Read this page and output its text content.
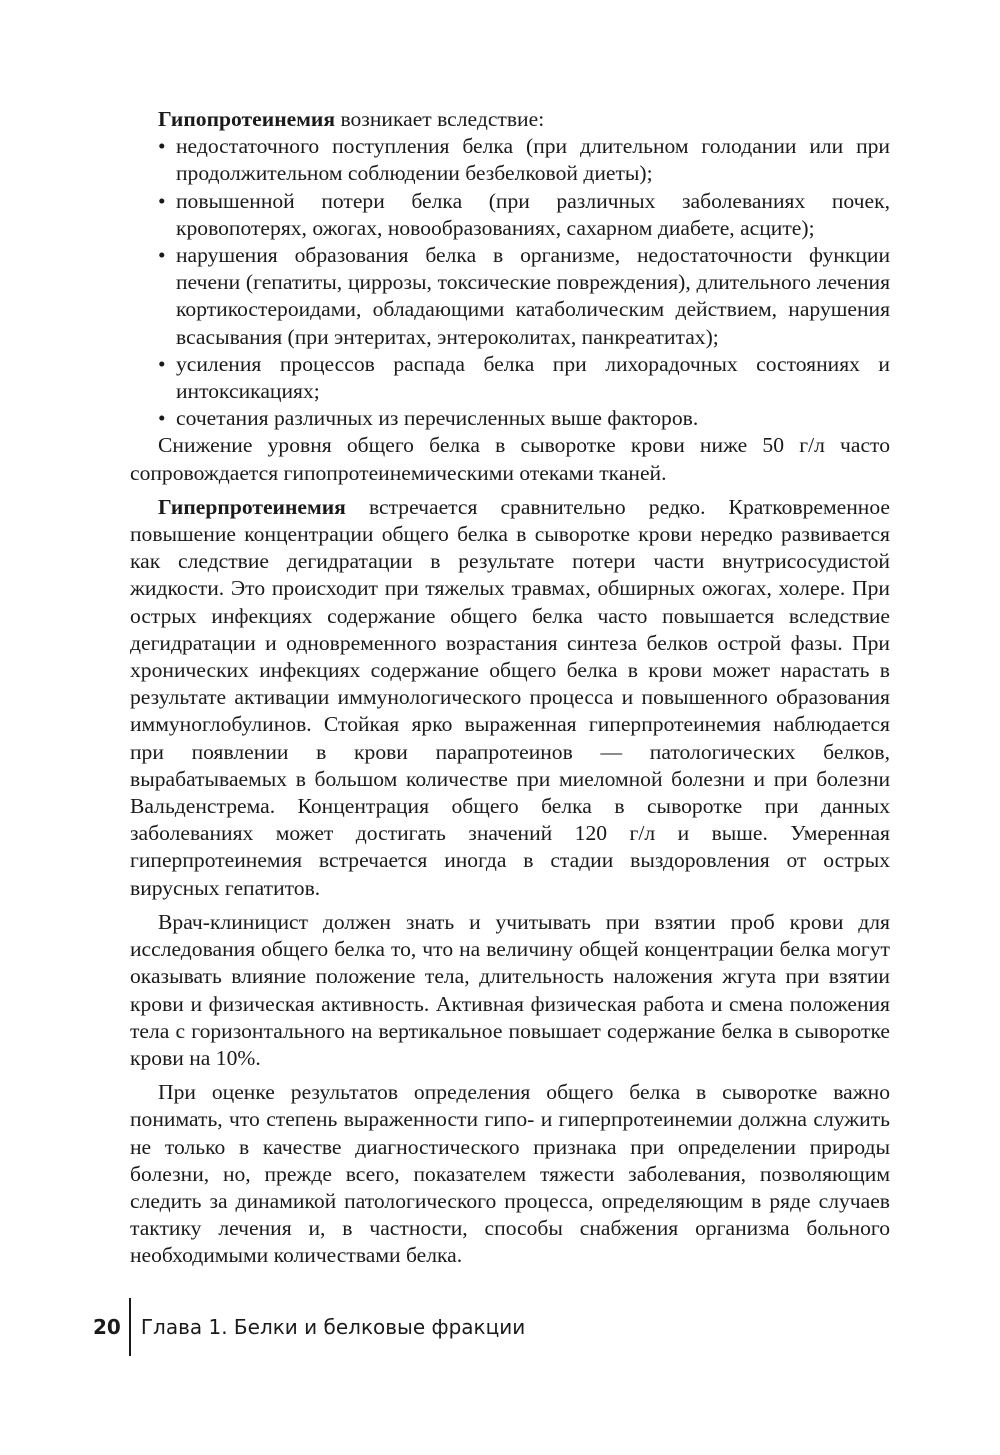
Гипопротеинемия возникает вследствие:

• недостаточного поступления белка (при длительном голодании или при продолжительном соблюдении безбелковой диеты);
• повышенной потери белка (при различных заболеваниях почек, кровопотерях, ожогах, новообразованиях, сахарном диабете, асците);
• нарушения образования белка в организме, недостаточности функции печени (гепатиты, циррозы, токсические повреждения), длительного лечения кортикостероидами, обладающими катаболическим действием, нарушения всасывания (при энтеритах, энтероколитах, панкреатитах);
• усиления процессов распада белка при лихорадочных состояниях и интоксикациях;
• сочетания различных из перечисленных выше факторов.

Снижение уровня общего белка в сыворотке крови ниже 50 г/л часто сопровождается гипопротеинемическими отеками тканей.

Гиперпротеинемия встречается сравнительно редко. Кратковременное повышение концентрации общего белка в сыворотке крови нередко развивается как следствие дегидратации в результате потери части внутрисосудистой жидкости. Это происходит при тяжелых травмах, обширных ожогах, холере. При острых инфекциях содержание общего белка часто повышается вследствие дегидратации и одновременного возрастания синтеза белков острой фазы. При хронических инфекциях содержание общего белка в крови может нарастать в результате активации иммунологического процесса и повышенного образования иммуноглобулинов. Стойкая ярко выраженная гиперпротеинемия наблюдается при появлении в крови парапротеинов — патологических белков, вырабатываемых в большом количестве при миеломной болезни и при болезни Вальденстрема. Концентрация общего белка в сыворотке при данных заболеваниях может достигать значений 120 г/л и выше. Умеренная гиперпротеинемия встречается иногда в стадии выздоровления от острых вирусных гепатитов.

Врач-клиницист должен знать и учитывать при взятии проб крови для исследования общего белка то, что на величину общей концентрации белка могут оказывать влияние положение тела, длительность наложения жгута при взятии крови и физическая активность. Активная физическая работа и смена положения тела с горизонтального на вертикальное повышает содержание белка в сыворотке крови на 10%.

При оценке результатов определения общего белка в сыворотке важно понимать, что степень выраженности гипо- и гиперпротеинемии должна служить не только в качестве диагностического признака при определении природы болезни, но, прежде всего, показателем тяжести заболевания, позволяющим следить за динамикой патологического процесса, определяющим в ряде случаев тактику лечения и, в частности, способы снабжения организма больного необходимыми количествами белка.

20	Глава 1. Белки и белковые фракции
